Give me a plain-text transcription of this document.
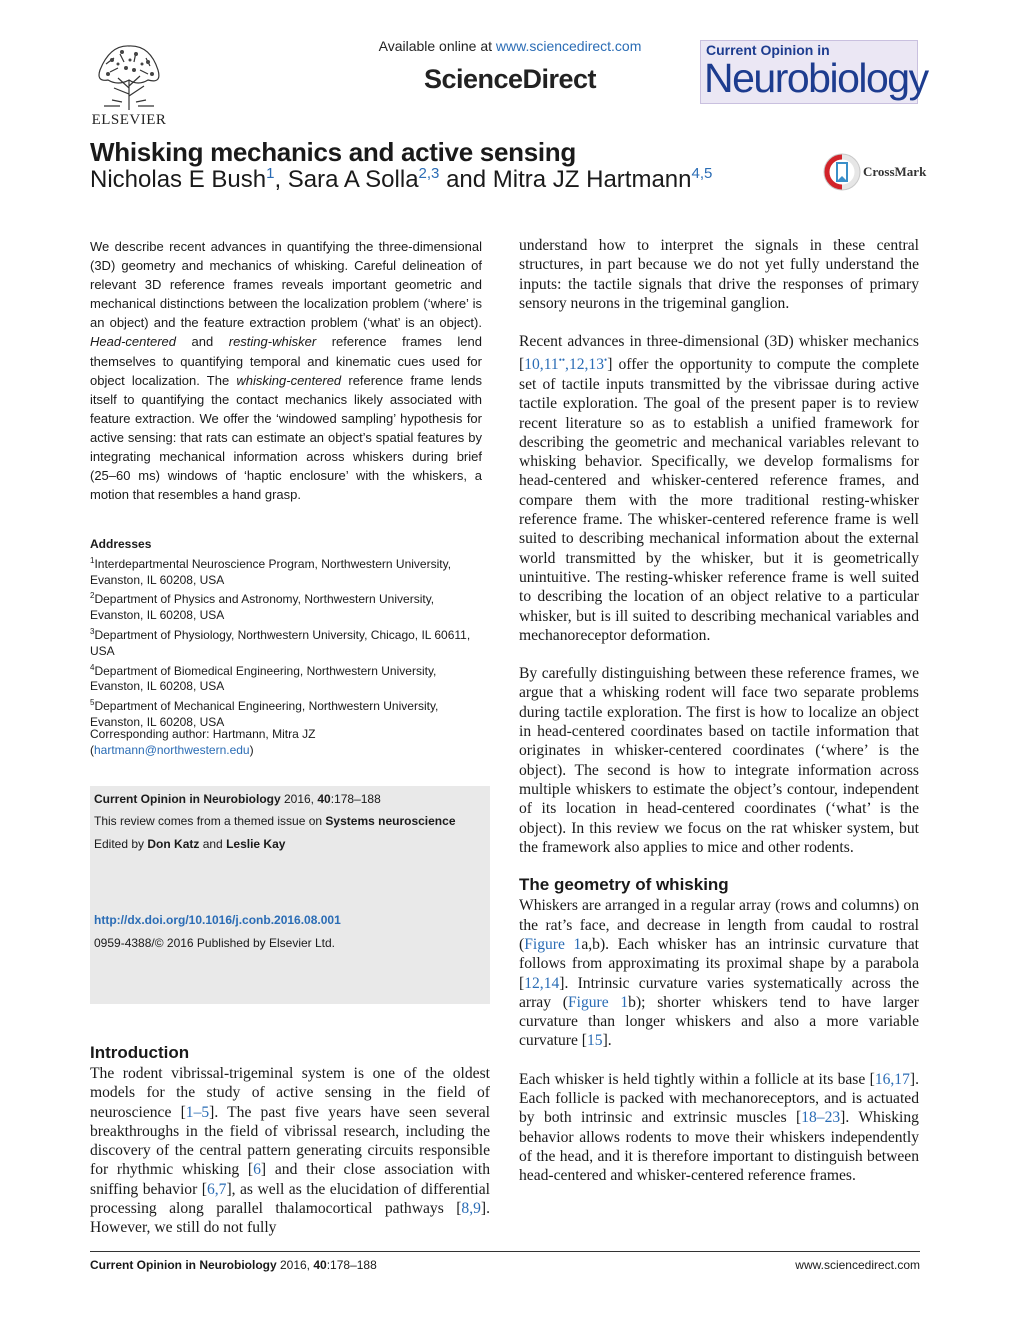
ELSEVIER
Available online at www.sciencedirect.com
ScienceDirect
Current Opinion in
Neurobiology
Whisking mechanics and active sensing
Nicholas E Bush$^1$, Sara A Solla$^{2,3}$ and Mitra JZ Hartmann$^{4,5}$	CrossMark

We describe recent advances in quantifying the three-dimensional (3D) geometry and mechanics of whisking. Careful delineation of relevant 3D reference frames reveals important geometric and mechanical distinctions between the localization problem (‘where’ is an object) and the feature extraction problem (‘what’ is an object). Head-centered and resting-whisker reference frames lend themselves to quantifying temporal and kinematic cues used for object localization. The whisking-centered reference frame lends itself to quantifying the contact mechanics likely associated with feature extraction. We offer the ‘windowed sampling’ hypothesis for active sensing: that rats can estimate an object’s spatial features by integrating mechanical information across whiskers during brief (25–60 ms) windows of ‘haptic enclosure’ with the whiskers, a motion that resembles a hand grasp.

Addresses
$^1$Interdepartmental Neuroscience Program, Northwestern University,
Evanston, IL 60208, USA
$^2$Department of Physics and Astronomy, Northwestern University,
Evanston, IL 60208, USA
$^3$Department of Physiology, Northwestern University, Chicago, IL 60611,
USA
$^4$Department of Biomedical Engineering, Northwestern University,
Evanston, IL 60208, USA
$^5$Department of Mechanical Engineering, Northwestern University,
Evanston, IL 60208, USA
Corresponding author: Hartmann, Mitra JZ
(hartmann@northwestern.edu)
Current Opinion in Neurobiology 2016, 40:178–188
This review comes from a themed issue on Systems neuroscience
Edited by Don Katz and Leslie Kay
http://dx.doi.org/10.1016/j.conb.2016.08.001
0959-4388/© 2016 Published by Elsevier Ltd.
Introduction

The rodent vibrissal-trigeminal system is one of the oldest models for the study of active sensing in the field of neuroscience [1–5]. The past five years have seen several breakthroughs in the field of vibrissal research, including the discovery of the central pattern generating circuits responsible for rhythmic whisking [6] and their close association with sniffing behavior [6,7], as well as the elucidation of differential processing along parallel thalamocortical pathways [8,9]. However, we still do not fully

understand how to interpret the signals in these central structures, in part because we do not yet fully understand the inputs: the tactile signals that drive the responses of primary sensory neurons in the trigeminal ganglion.

Recent advances in three-dimensional (3D) whisker mechanics [10,11••,12,13•] offer the opportunity to compute the complete set of tactile inputs transmitted by the vibrissae during active tactile exploration. The goal of the present paper is to review recent literature so as to establish a unified framework for describing the geometric and mechanical variables relevant to whisking behavior. Specifically, we develop formalisms for head-centered and whisker-centered reference frames, and compare them with the more traditional resting-whisker reference frame. The whisker-centered reference frame is well suited to describing mechanical information about the external world transmitted by the whisker, but it is geometrically unintuitive. The resting-whisker reference frame is well suited to describing the location of an object relative to a particular whisker, but is ill suited to describing mechanical variables and mechanoreceptor deformation.

By carefully distinguishing between these reference frames, we argue that a whisking rodent will face two separate problems during tactile exploration. The first is how to localize an object in head-centered coordinates based on tactile information that originates in whisker-centered coordinates (‘where’ is the object). The second is how to integrate information across multiple whiskers to estimate the object’s contour, independent of its location in head-centered coordinates (‘what’ is the object). In this review we focus on the rat whisker system, but the framework also applies to mice and other rodents.

The geometry of whisking

Whiskers are arranged in a regular array (rows and columns) on the rat’s face, and decrease in length from caudal to rostral (Figure 1a,b). Each whisker has an intrinsic curvature that follows from approximating its proximal shape by a parabola [12,14]. Intrinsic curvature varies systematically across the array (Figure 1b); shorter whiskers tend to have larger curvature than longer whiskers and also a more variable curvature [15].

Each whisker is held tightly within a follicle at its base [16,17]. Each follicle is packed with mechanoreceptors, and is actuated by both intrinsic and extrinsic muscles [18–23]. Whisking behavior allows rodents to move their whiskers independently of the head, and it is therefore important to distinguish between head-centered and whisker-centered reference frames.

Current Opinion in Neurobiology 2016, 40:178–188	www.sciencedirect.com
